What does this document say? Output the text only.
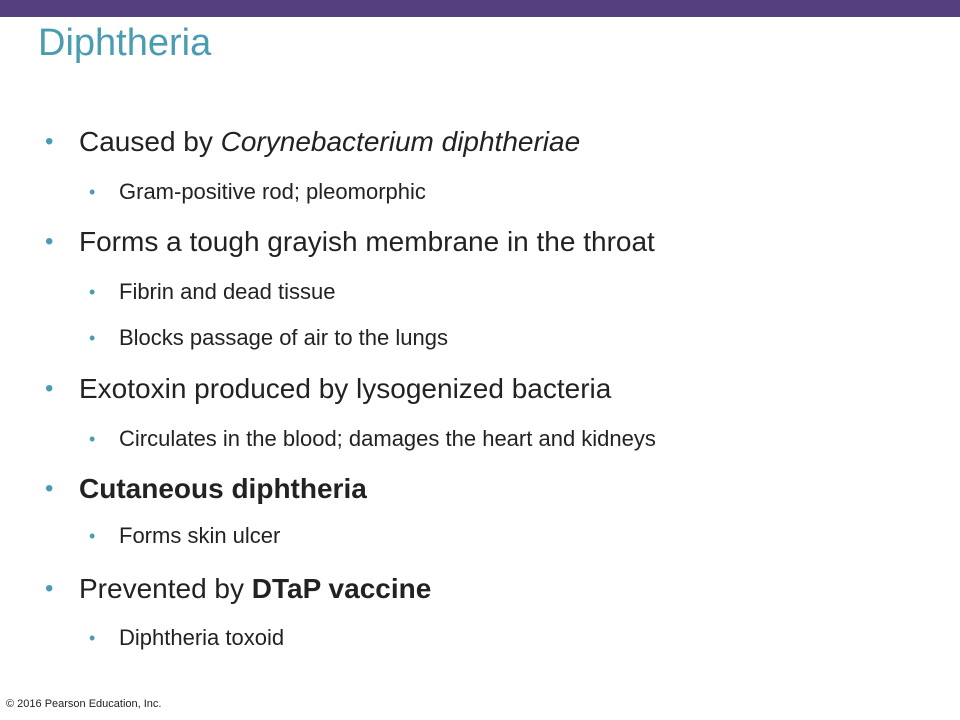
Diphtheria
• Caused by Corynebacterium diphtheriae
• Gram-positive rod; pleomorphic
• Forms a tough grayish membrane in the throat
• Fibrin and dead tissue
• Blocks passage of air to the lungs
• Exotoxin produced by lysogenized bacteria
• Circulates in the blood; damages the heart and kidneys
• Cutaneous diphtheria
• Forms skin ulcer
• Prevented by DTaP vaccine
• Diphtheria toxoid
© 2016 Pearson Education, Inc.
